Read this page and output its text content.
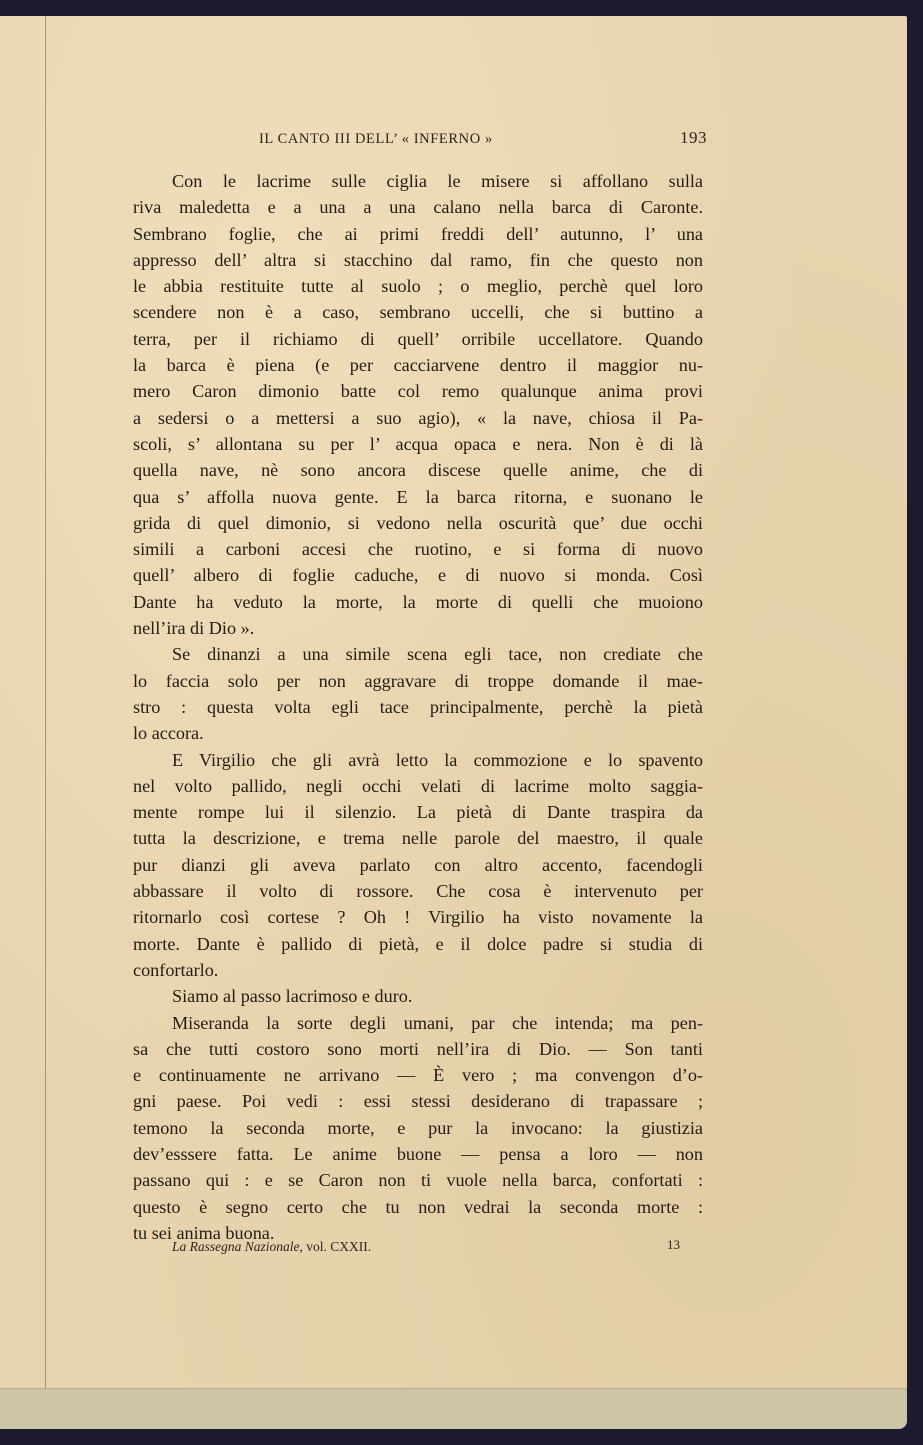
IL CANTO III DELL’ « INFERNO »	193
Con le lacrime sulle ciglia le misere si affollano sulla
riva maledetta e a una a una calano nella barca di Caronte.
Sembrano foglie, che ai primi freddi dell’ autunno, l’ una
appresso dell’ altra si stacchino dal ramo, fin che questo non
le abbia restituite tutte al suolo ; o meglio, perchè quel loro
scendere non è a caso, sembrano uccelli, che si buttino a
terra, per il richiamo di quell’ orribile uccellatore. Quando
la barca è piena (e per cacciarvene dentro il maggior nu-
mero Caron dimonio batte col remo qualunque anima provi
a sedersi o a mettersi a suo agio), « la nave, chiosa il Pa-
scoli, s’ allontana su per l’ acqua opaca e nera. Non è di là
quella nave, nè sono ancora discese quelle anime, che di
qua s’ affolla nuova gente. E la barca ritorna, e suonano le
grida di quel dimonio, si vedono nella oscurità que’ due occhi
simili a carboni accesi che ruotino, e si forma di nuovo
quell’ albero di foglie caduche, e di nuovo si monda. Così
Dante ha veduto la morte, la morte di quelli che muoiono
nell’ira di Dio ».
Se dinanzi a una simile scena egli tace, non crediate che
lo faccia solo per non aggravare di troppe domande il mae-
stro : questa volta egli tace principalmente, perchè la pietà
lo accora.
E Virgilio che gli avrà letto la commozione e lo spavento
nel volto pallido, negli occhi velati di lacrime molto saggia-
mente rompe lui il silenzio. La pietà di Dante traspira da
tutta la descrizione, e trema nelle parole del maestro, il quale
pur dianzi gli aveva parlato con altro accento, facendogli
abbassare il volto di rossore. Che cosa è intervenuto per
ritornarlo così cortese ? Oh ! Virgilio ha visto novamente la
morte. Dante è pallido di pietà, e il dolce padre si studia di
confortarlo.
Siamo al passo lacrimoso e duro.
Miseranda la sorte degli umani, par che intenda; ma pen-
sa che tutti costoro sono morti nell’ira di Dio. — Son tanti
e continuamente ne arrivano — È vero ; ma convengon d’o-
gni paese. Poi vedi : essi stessi desiderano di trapassare ;
temono la seconda morte, e pur la invocano: la giustizia
dev’esssere fatta. Le anime buone — pensa a loro — non
passano qui : e se Caron non ti vuole nella barca, confortati :
questo è segno certo che tu non vedrai la seconda morte :
tu sei anima buona.
La Rassegna Nazionale, vol. CXXII.	13
